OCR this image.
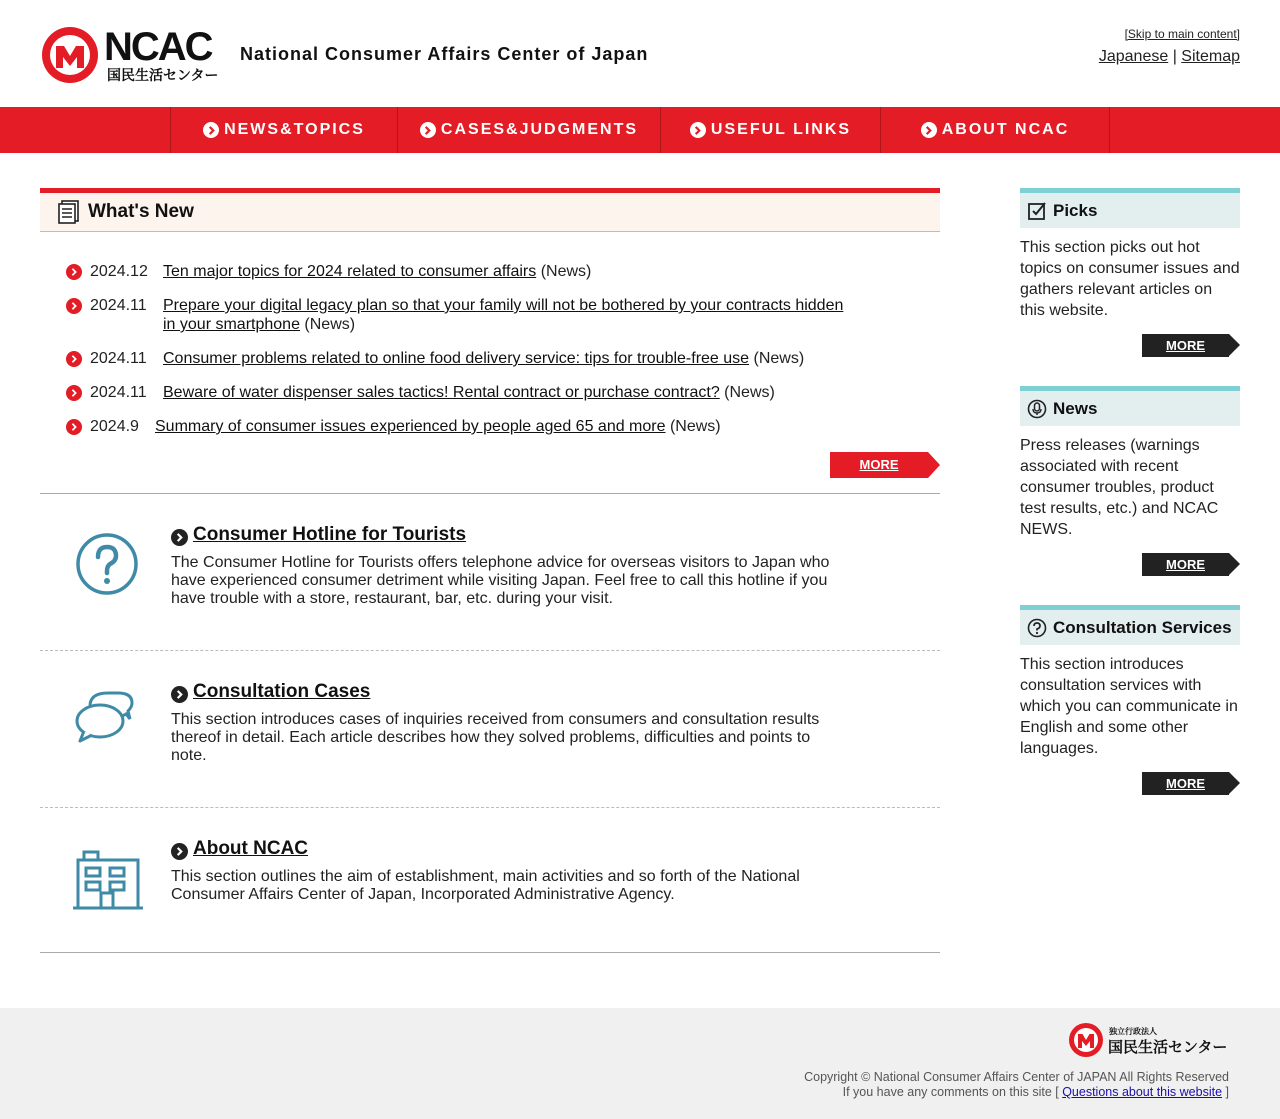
NCAC
国民生活センター
National Consumer Affairs Center of Japan
[Skip to main content]
Japanese | Sitemap
NEWS&TOPICS	CASES&JUDGMENTS	USEFUL LINKS	ABOUT NCAC
What's New
2024.12 Ten major topics for 2024 related to consumer affairs (News)
2024.11	Prepare your digital legacy plan so that your family will not be bothered by your contracts hidden in your smartphone (News)
2024.11	Consumer problems related to online food delivery service: tips for trouble-free use (News)
2024.11	Beware of water dispenser sales tactics! Rental contract or purchase contract? (News)
2024.9	Summary of consumer issues experienced by people aged 65 and more (News)
MORE
Consumer Hotline for Tourists

The Consumer Hotline for Tourists offers telephone advice for overseas visitors to Japan who have experienced consumer detriment while visiting Japan. Feel free to call this hotline if you have trouble with a store, restaurant, bar, etc. during your visit.

Consultation Cases

This section introduces cases of inquiries received from consumers and consultation results thereof in detail. Each article describes how they solved problems, difficulties and points to note.

About NCAC

This section outlines the aim of establishment, main activities and so forth of the National Consumer Affairs Center of Japan, Incorporated Administrative Agency.

Picks

This section picks out hot topics on consumer issues and gathers relevant articles on this website.

MORE
News

Press releases (warnings associated with recent consumer troubles, product test results, etc.) and NCAC NEWS.

MORE
Consultation Services

This section introduces consultation services with which you can communicate in English and some other languages.

MORE
独立行政法人
国民生活センター
Copyright © National Consumer Affairs Center of JAPAN All Rights Reserved
If you have any comments on this site [ Questions about this website ]
